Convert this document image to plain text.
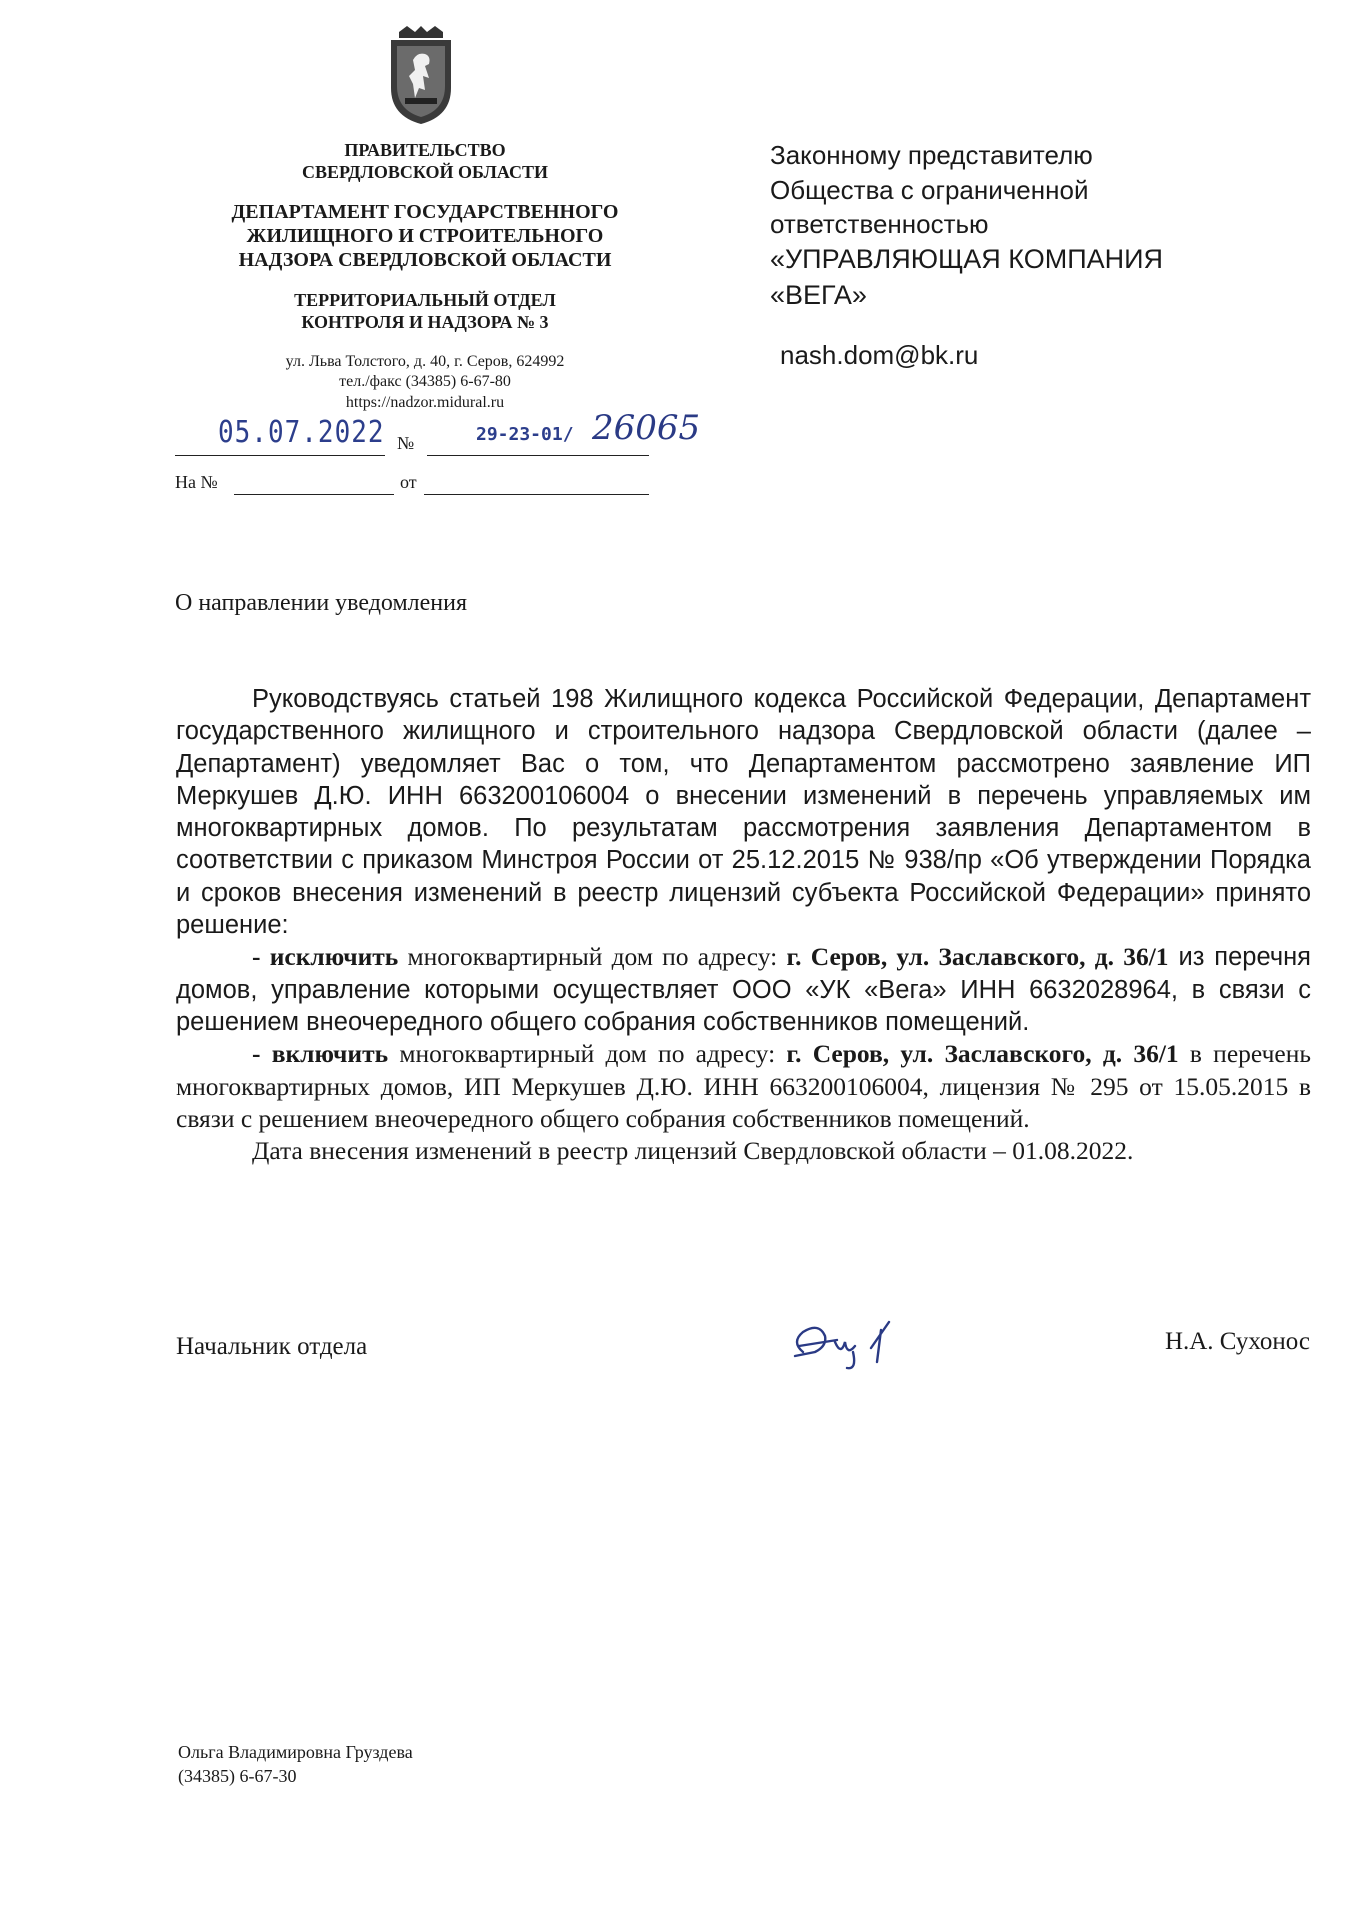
ПРАВИТЕЛЬСТВО
СВЕРДЛОВСКОЙ ОБЛАСТИ
ДЕПАРТАМЕНТ ГОСУДАРСТВЕННОГО
ЖИЛИЩНОГО И СТРОИТЕЛЬНОГО
НАДЗОРА СВЕРДЛОВСКОЙ ОБЛАСТИ
ТЕРРИТОРИАЛЬНЫЙ ОТДЕЛ
КОНТРОЛЯ И НАДЗОРА № 3
ул. Льва Толстого, д. 40, г. Серов, 624992
тел./факс (34385) 6-67-80
https://nadzor.midural.ru
05.07.2022 №	29-23-01/ 26065
На №	от
Законному представителю
Общества с ограниченной
ответственностью
«УПРАВЛЯЮЩАЯ КОМПАНИЯ
«ВЕГА»
nash.dom@bk.ru
О направлении уведомления

Руководствуясь статьей 198 Жилищного кодекса Российской Федерации, Департамент государственного жилищного и строительного надзора Свердловской области (далее – Департамент) уведомляет Вас о том, что Департаментом рассмотрено заявление ИП Меркушев Д.Ю. ИНН 663200106004 о внесении изменений в перечень управляемых им многоквартирных домов. По результатам рассмотрения заявления Департаментом в соответствии с приказом Минстроя России от 25.12.2015 № 938/пр «Об утверждении Порядка и сроков внесения изменений в реестр лицензий субъекта Российской Федерации» принято решение:

- исключить многоквартирный дом по адресу: г. Серов, ул. Заславского, д. 36/1 из перечня домов, управление которыми осуществляет ООО «УК «Вега» ИНН 6632028964, в связи с решением внеочередного общего собрания собственников помещений.

- включить многоквартирный дом по адресу: г. Серов, ул. Заславского, д. 36/1 в перечень многоквартирных домов, ИП Меркушев Д.Ю. ИНН 663200106004, лицензия № 295 от 15.05.2015 в связи с решением внеочередного общего собрания собственников помещений.

Дата внесения изменений в реестр лицензий Свердловской области – 01.08.2022.

Начальник отдела	Н.А. Сухонос
Ольга Владимировна Груздева
(34385) 6-67-30
